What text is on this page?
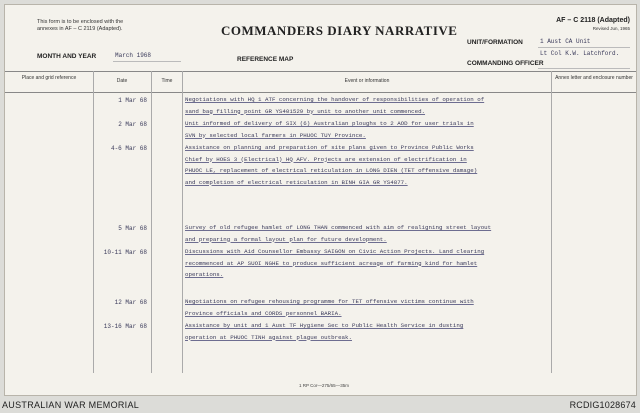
This form is to be enclosed with the
annexes in AF – C 2119 (Adapted).	COMMANDERS DIARY NARRATIVE
AF – C 2118 (Adapted)
Revised Jun, 1965
MONTH AND YEAR	March 1968
REFERENCE MAP
UNIT/FORMATION	1 Aust CA Unit
Lt Col K.W. Latchford.
COMMANDING OFFICER
Place and grid reference	Date	Time	Event or information	Annex letter and enclosure number
1 Mar 68	Negotiations with HQ 1 ATF concerning the handover of responsibilities of operation of
sand bag filling point GR YS401529 by unit to another unit commenced.

2 Mar 68	Unit informed of delivery of SIX (6) Australian ploughs to 2 AOD for user trials in
SVN by selected local farmers in PHUOC TUY Province.

4-6 Mar 68	Assistance on planning and preparation of site plans given to Province Public Works
Chief by HOES 3 (Electrical) HQ AFV. Projects are extension of electrification in
PHUOC LE, replacement of electrical reticulation in LONG DIEN (TET offensive damage)
and completion of electrical reticulation in BINH GIA GR YS4877.

5 Mar 68	Survey of old refugee hamlet of LONG THAN commenced with aim of realigning street layout
and preparing a formal layout plan for future development.

10-11 Mar 68	Discussions with Aid Counsellor Embassy SAIGON on Civic Action Projects. Land clearing
recommenced at AP SUOI NGHE to produce sufficient acreage of farming kind for hamlet
operations.

12 Mar 68	Negotiations on refugee rehousing programme for TET offensive victims continue with
Province officials and CORDS personnel BARIA.

13-16 Mar 68	Assistance by unit and 1 Aust TF Hygiene Sec to Public Health Service in dusting
operation at PHUOC TINH against plague outbreak.

1 RP Cor—275/65—35m
AUSTRALIAN WAR MEMORIAL	RCDIG1028674
